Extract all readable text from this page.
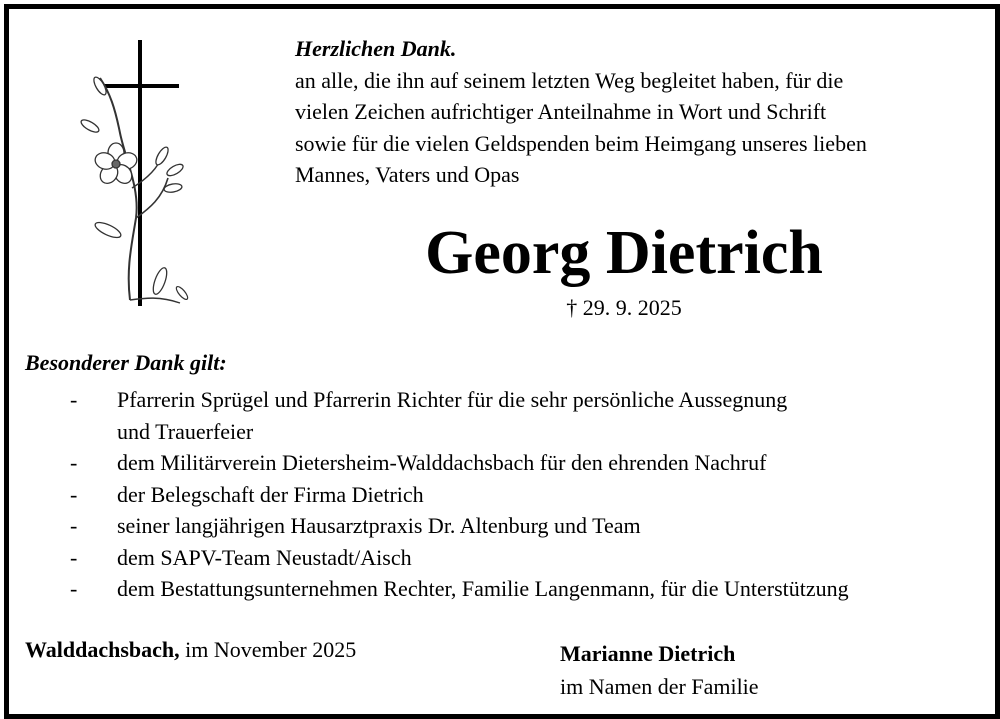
Herzlichen Dank.
an alle, die ihn auf seinem letzten Weg begleitet haben, für die
vielen Zeichen aufrichtiger Anteilnahme in Wort und Schrift
sowie für die vielen Geldspenden beim Heimgang unseres lieben
Mannes, Vaters und Opas
Georg Dietrich
† 29. 9. 2025
Besonderer Dank gilt:
- Pfarrerin Sprügel und Pfarrerin Richter für die sehr persönliche Aussegnung
und Trauerfeier
- dem Militärverein Dietersheim-Walddachsbach für den ehrenden Nachruf
- der Belegschaft der Firma Dietrich
- seiner langjährigen Hausarztpraxis Dr. Altenburg und Team
- dem SAPV-Team Neustadt/Aisch
- dem Bestattungsunternehmen Rechter, Familie Langenmann, für die Unterstützung
Walddachsbach, im November 2025	Marianne Dietrich
im Namen der Familie
